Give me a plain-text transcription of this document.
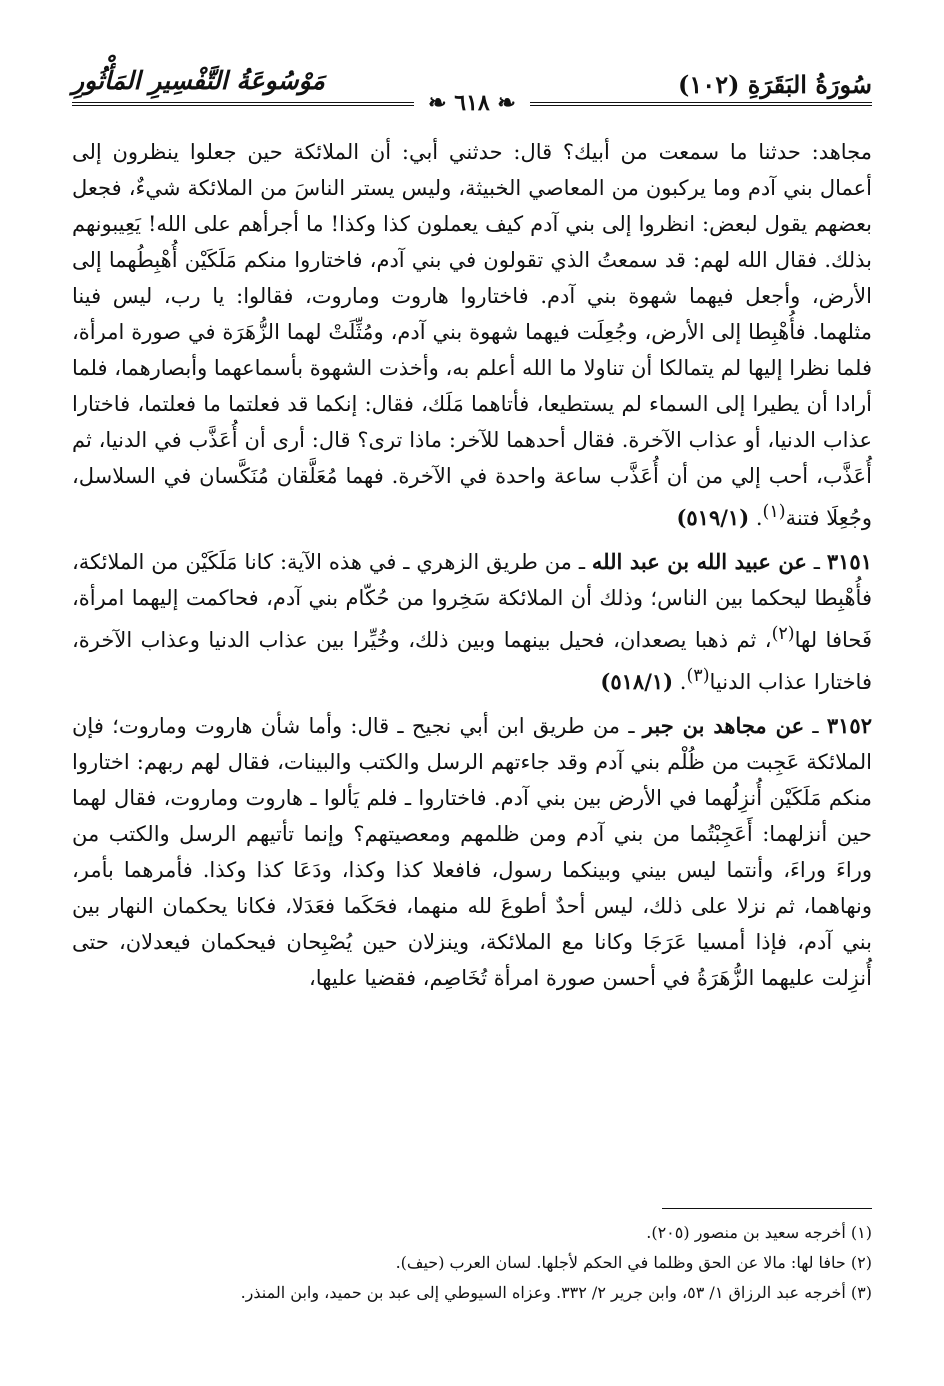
سُورَةُ البَقَرَةِ (١٠٢)
مَوْسُوعَةُ التَّفْسِيرِ المَأْثُورِ
❧ ٦١٨ ❧

مجاهد: حدثنا ما سمعت من أبيك؟ قال: حدثني أبي: أن الملائكة حين جعلوا ينظرون إلى أعمال بني آدم وما يركبون من المعاصي الخبيثة، وليس يستر الناسَ من الملائكة شيءٌ، فجعل بعضهم يقول لبعض: انظروا إلى بني آدم كيف يعملون كذا وكذا! ما أجرأهم على الله! يَعِيبونهم بذلك. فقال الله لهم: قد سمعتُ الذي تقولون في بني آدم، فاختاروا منكم مَلَكَيْن أُهْبِطُهما إلى الأرض، وأجعل فيهما شهوة بني آدم. فاختاروا هاروت وماروت، فقالوا: يا رب، ليس فينا مثلهما. فأُهْبِطا إلى الأرض، وجُعِلَت فيهما شهوة بني آدم، ومُثِّلَتْ لهما الزُّهَرَة في صورة امرأة، فلما نظرا إليها لم يتمالكا أن تناولا ما الله أعلم به، وأخذت الشهوة بأسماعهما وأبصارهما، فلما أرادا أن يطيرا إلى السماء لم يستطيعا، فأتاهما مَلَك، فقال: إنكما قد فعلتما ما فعلتما، فاختارا عذاب الدنيا، أو عذاب الآخرة. فقال أحدهما للآخر: ماذا ترى؟ قال: أرى أن أُعَذَّب في الدنيا، ثم أُعَذَّب، أحب إلي من أن أُعَذَّب ساعة واحدة في الآخرة. فهما مُعَلَّقان مُنَكَّسان في السلاسل، وجُعِلَا فتنة$^{(١)}$. (٥١٩/١)

٣١٥١ ـ عن عبيد الله بن عبد الله ـ من طريق الزهري ـ في هذه الآية: كانا مَلَكَيْن من الملائكة، فأُهْبِطا ليحكما بين الناس؛ وذلك أن الملائكة سَخِروا من حُكّام بني آدم، فحاكمت إليهما امرأة، فَحافا لها$^{(٢)}$، ثم ذهبا يصعدان، فحيل بينهما وبين ذلك، وخُيِّرا بين عذاب الدنيا وعذاب الآخرة، فاختارا عذاب الدنيا$^{(٣)}$. (٥١٨/١)

٣١٥٢ ـ عن مجاهد بن جبر ـ من طريق ابن أبي نجيح ـ قال: وأما شأن هاروت وماروت؛ فإن الملائكة عَجِبت من ظُلْم بني آدم وقد جاءتهم الرسل والكتب والبينات، فقال لهم ربهم: اختاروا منكم مَلَكَيْن أُنزِلُهما في الأرض بين بني آدم. فاختاروا ـ فلم يَألوا ـ هاروت وماروت، فقال لهما حين أنزلهما: أَعَجِبْتُما من بني آدم ومن ظلمهم ومعصيتهم؟ وإنما تأتيهم الرسل والكتب من وراءَ وراءَ، وأنتما ليس بيني وبينكما رسول، فافعلا كذا وكذا، ودَعَا كذا وكذا. فأمرهما بأمر، ونهاهما، ثم نزلا على ذلك، ليس أحدٌ أطوعَ لله منهما، فحَكَما فعَدَلا، فكانا يحكمان النهار بين بني آدم، فإذا أمسيا عَرَجَا وكانا مع الملائكة، وينزلان حين يُصْبِحان فيحكمان فيعدلان، حتى أُنزِلت عليهما الزُّهَرَةُ في أحسن صورة امرأة تُخَاصِم، فقضيا عليها،

(١) أخرجه سعيد بن منصور (٢٠٥).
(٢) حافا لها: مالا عن الحق وظلما في الحكم لأجلها. لسان العرب (حيف).
(٣) أخرجه عبد الرزاق ١/ ٥٣، وابن جرير ٢/ ٣٣٢. وعزاه السيوطي إلى عبد بن حميد، وابن المنذر.
